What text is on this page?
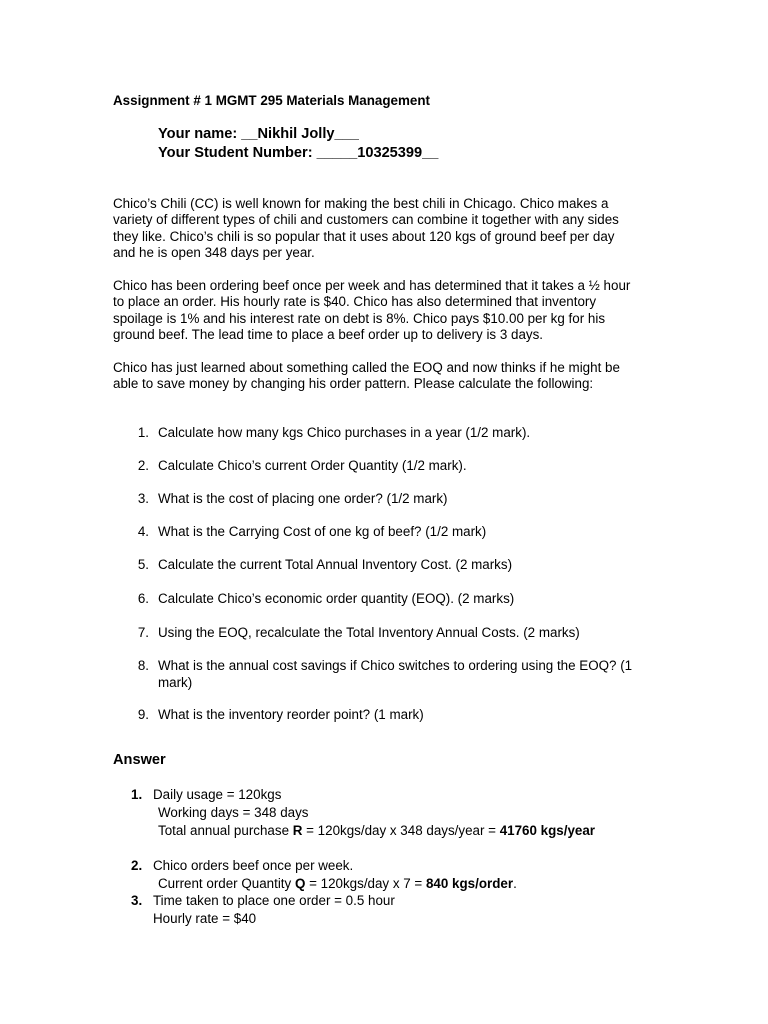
Assignment # 1 MGMT 295 Materials Management
Your name: __Nikhil Jolly___
Your Student Number: _____10325399__
Chico’s Chili (CC) is well known for making the best chili in Chicago. Chico makes a
variety of different types of chili and customers can combine it together with any sides
they like. Chico’s chili is so popular that it uses about 120 kgs of ground beef per day
and he is open 348 days per year.
Chico has been ordering beef once per week and has determined that it takes a ½ hour
to place an order. His hourly rate is $40. Chico has also determined that inventory
spoilage is 1% and his interest rate on debt is 8%. Chico pays $10.00 per kg for his
ground beef. The lead time to place a beef order up to delivery is 3 days.
Chico has just learned about something called the EOQ and now thinks if he might be
able to save money by changing his order pattern. Please calculate the following:
1. Calculate how many kgs Chico purchases in a year (1/2 mark).
2. Calculate Chico’s current Order Quantity (1/2 mark).
3. What is the cost of placing one order? (1/2 mark)
4. What is the Carrying Cost of one kg of beef? (1/2 mark)
5. Calculate the current Total Annual Inventory Cost. (2 marks)
6. Calculate Chico’s economic order quantity (EOQ). (2 marks)
7. Using the EOQ, recalculate the Total Inventory Annual Costs. (2 marks)
8. What is the annual cost savings if Chico switches to ordering using the EOQ? (1
mark)
9. What is the inventory reorder point? (1 mark)
Answer
1. Daily usage = 120kgs
Working days = 348 days
Total annual purchase R = 120kgs/day x 348 days/year = 41760 kgs/year
2. Chico orders beef once per week.
Current order Quantity Q = 120kgs/day x 7 = 840 kgs/order.
3. Time taken to place one order = 0.5 hour
Hourly rate = $40
